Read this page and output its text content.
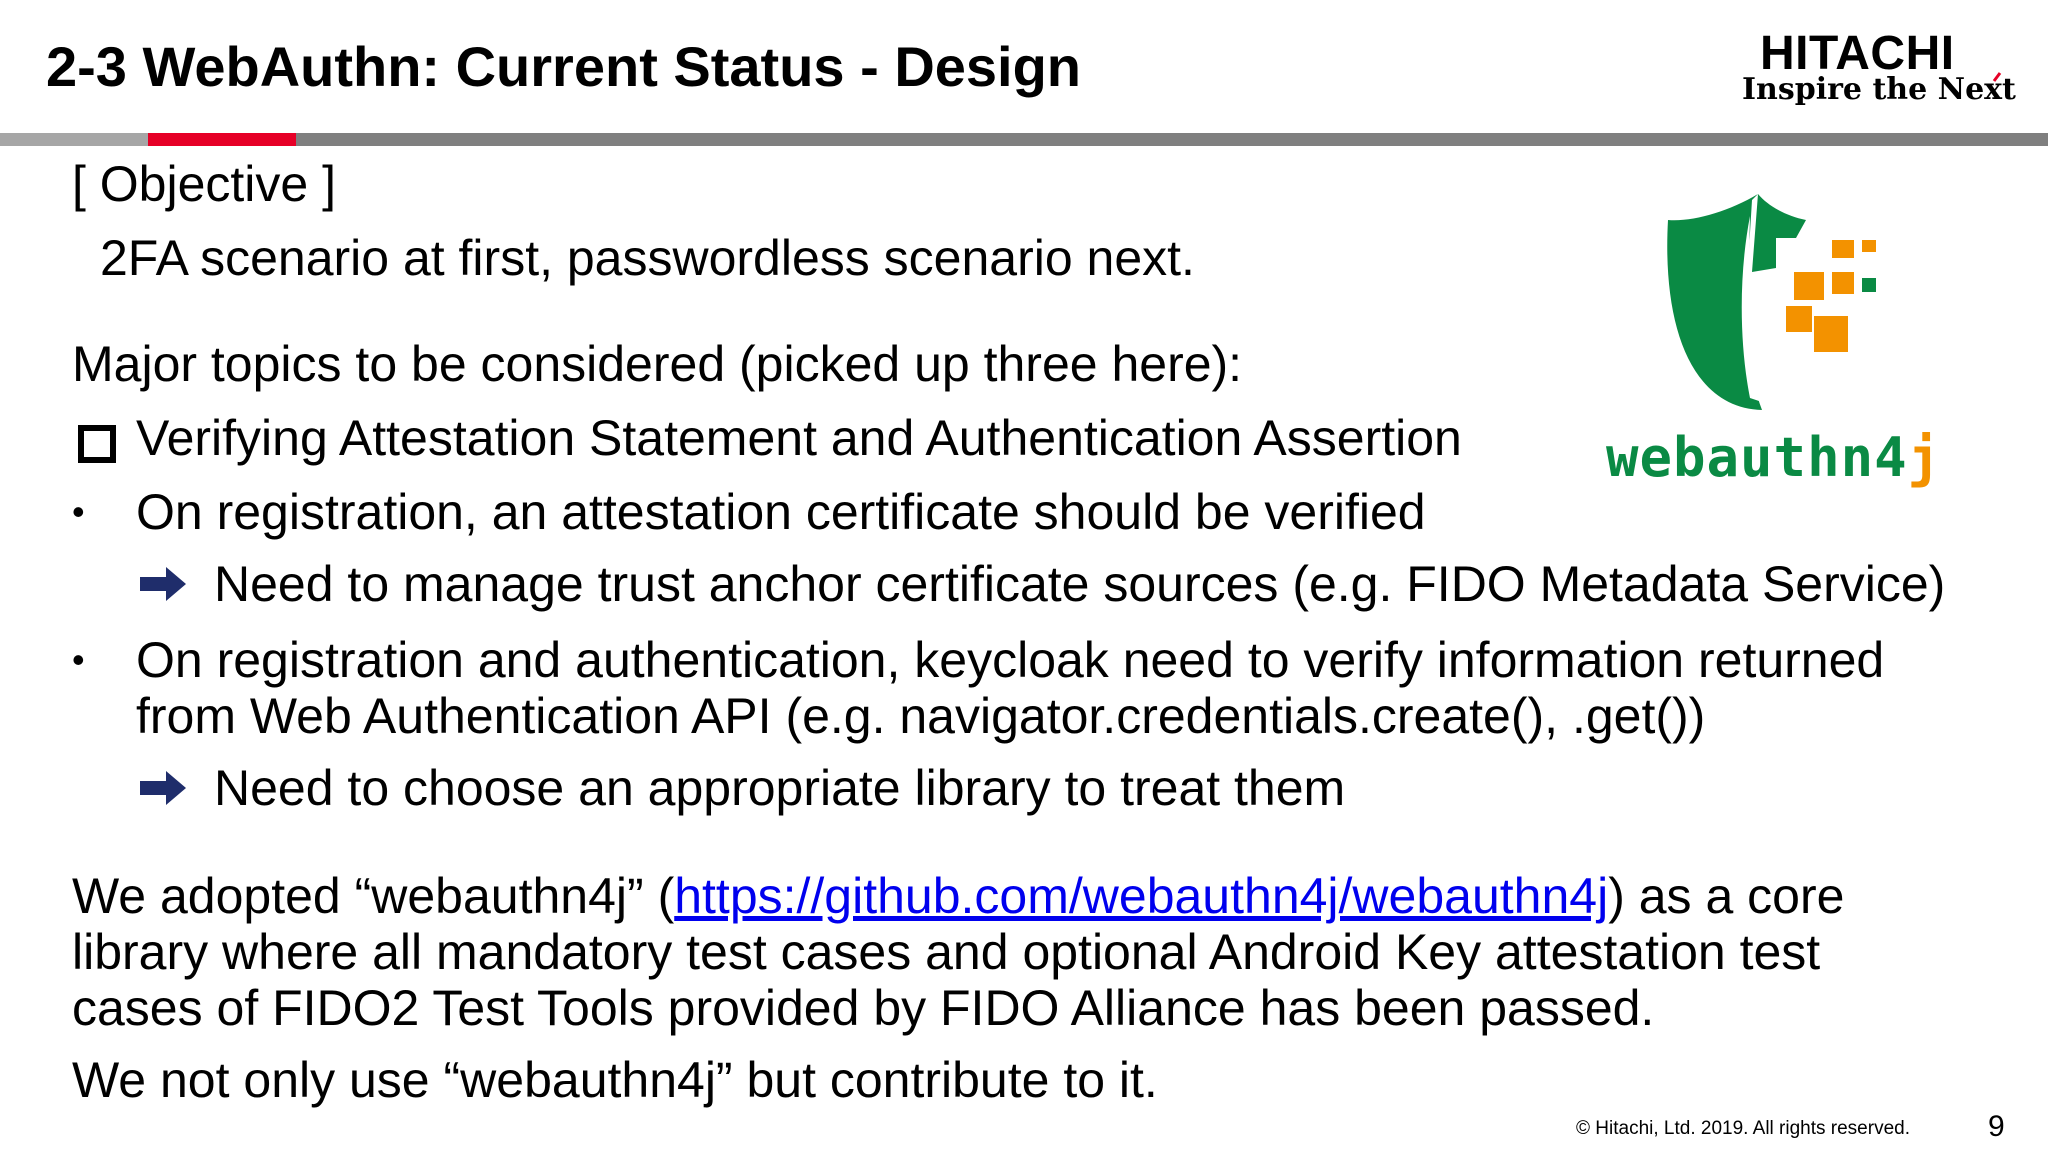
2-3 WebAuthn: Current Status - Design	HITACHI
Inspire the Next
[ Objective ]
2FA scenario at first, passwordless scenario next.
Major topics to be considered (picked up three here):
Verifying Attestation Statement and Authentication Assertion
• On registration, an attestation certificate should be verified
Need to manage trust anchor certificate sources (e.g. FIDO Metadata Service)
• On registration and authentication, keycloak need to verify information returned
from Web Authentication API (e.g. navigator.credentials.create(), .get())
Need to choose an appropriate library to treat them
We adopted “webauthn4j” (https://github.com/webauthn4j/webauthn4j) as a core
library where all mandatory test cases and optional Android Key attestation test
cases of FIDO2 Test Tools provided by FIDO Alliance has been passed.
We not only use “webauthn4j” but contribute to it.
webauthn4j
© Hitachi, Ltd. 2019. All rights reserved.	9
